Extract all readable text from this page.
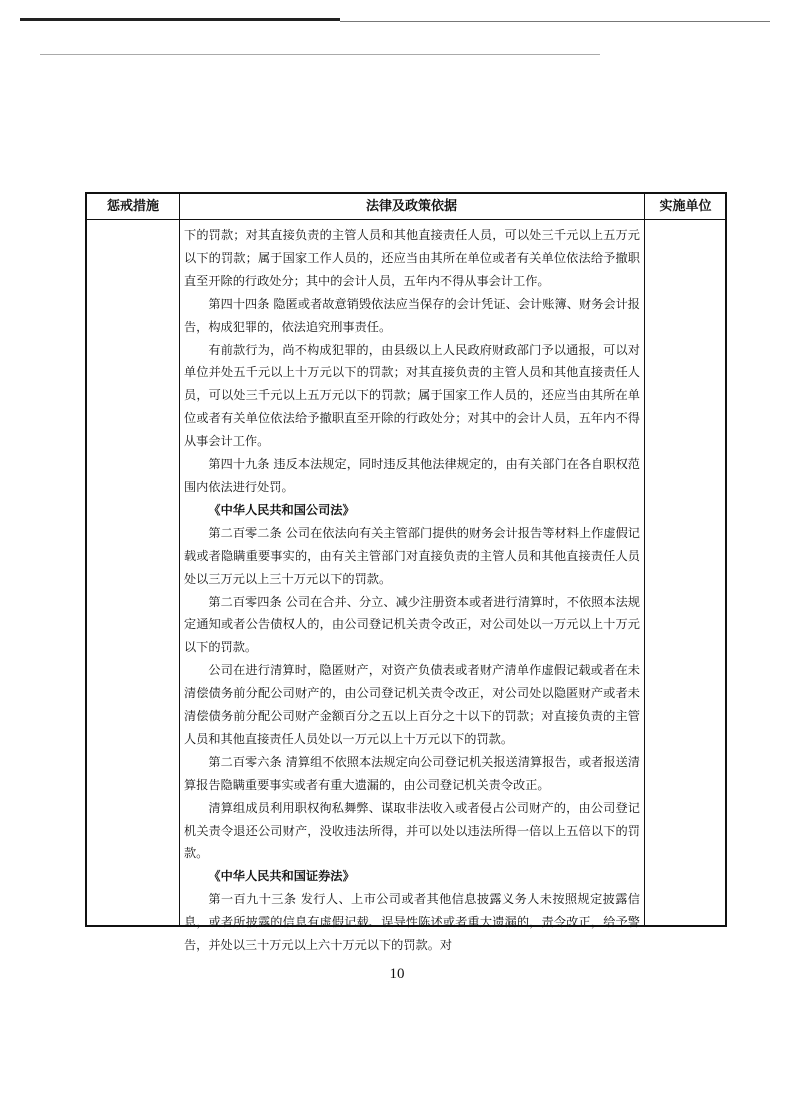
惩戒措施	法律及政策依据	实施单位

下的罚款；对其直接负责的主管人员和其他直接责任人员，可以处三千元以上五万元以下的罚款；属于国家工作人员的，还应当由其所在单位或者有关单位依法给予撤职直至开除的行政处分；其中的会计人员，五年内不得从事会计工作。

第四十四条 隐匿或者故意销毁依法应当保存的会计凭证、会计账簿、财务会计报告，构成犯罪的，依法追究刑事责任。

有前款行为，尚不构成犯罪的，由县级以上人民政府财政部门予以通报，可以对单位并处五千元以上十万元以下的罚款；对其直接负责的主管人员和其他直接责任人员，可以处三千元以上五万元以下的罚款；属于国家工作人员的，还应当由其所在单位或者有关单位依法给予撤职直至开除的行政处分；对其中的会计人员，五年内不得从事会计工作。

第四十九条 违反本法规定，同时违反其他法律规定的，由有关部门在各自职权范围内依法进行处罚。

《中华人民共和国公司法》

第二百零二条 公司在依法向有关主管部门提供的财务会计报告等材料上作虚假记载或者隐瞒重要事实的，由有关主管部门对直接负责的主管人员和其他直接责任人员处以三万元以上三十万元以下的罚款。

第二百零四条 公司在合并、分立、减少注册资本或者进行清算时，不依照本法规定通知或者公告债权人的，由公司登记机关责令改正，对公司处以一万元以上十万元以下的罚款。

公司在进行清算时，隐匿财产，对资产负债表或者财产清单作虚假记载或者在未清偿债务前分配公司财产的，由公司登记机关责令改正，对公司处以隐匿财产或者未清偿债务前分配公司财产金额百分之五以上百分之十以下的罚款；对直接负责的主管人员和其他直接责任人员处以一万元以上十万元以下的罚款。

第二百零六条 清算组不依照本法规定向公司登记机关报送清算报告，或者报送清算报告隐瞒重要事实或者有重大遗漏的，由公司登记机关责令改正。

清算组成员利用职权徇私舞弊、谋取非法收入或者侵占公司财产的，由公司登记机关责令退还公司财产，没收违法所得，并可以处以违法所得一倍以上五倍以下的罚款。

《中华人民共和国证券法》

第一百九十三条 发行人、上市公司或者其他信息披露义务人未按照规定披露信息，或者所披露的信息有虚假记载、误导性陈述或者重大遗漏的，责令改正，给予警告，并处以三十万元以上六十万元以下的罚款。对

10
